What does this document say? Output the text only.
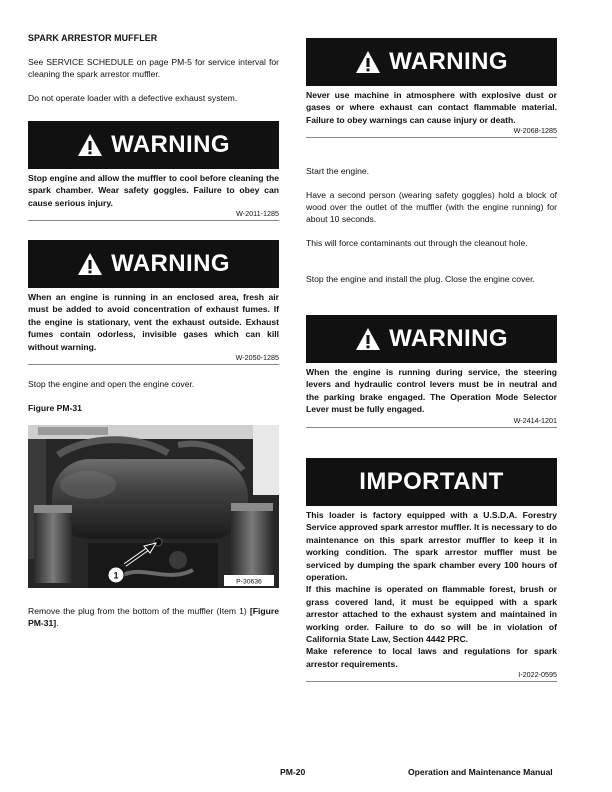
SPARK ARRESTOR MUFFLER

See SERVICE SCHEDULE on page PM-5 for service interval for cleaning the spark arrestor muffler.

Do not operate loader with a defective exhaust system.

WARNING

Stop engine and allow the muffler to cool before cleaning the spark chamber. Wear safety goggles. Failure to obey can cause serious injury.

W-2011-1285
WARNING

When an engine is running in an enclosed area, fresh air must be added to avoid concentration of exhaust fumes. If the engine is stationary, vent the exhaust outside. Exhaust fumes contain odorless, invisible gases which can kill without warning.

W-2050-1285

Stop the engine and open the engine cover.

Figure PM-31
1
P-30636

Remove the plug from the bottom of the muffler (Item 1) [Figure PM-31].

WARNING

Never use machine in atmosphere with explosive dust or gases or where exhaust can contact flammable material. Failure to obey warnings can cause injury or death.

W-2068-1285

Start the engine.

Have a second person (wearing safety goggles) hold a block of wood over the outlet of the muffler (with the engine running) for about 10 seconds.

This will force contaminants out through the cleanout hole.

Stop the engine and install the plug. Close the engine cover.

WARNING

When the engine is running during service, the steering levers and hydraulic control levers must be in neutral and the parking brake engaged. The Operation Mode Selector Lever must be fully engaged.

W-2414-1201
IMPORTANT

This loader is factory equipped with a U.S.D.A. Forestry Service approved spark arrestor muffler. It is necessary to do maintenance on this spark arrestor muffler to keep it in working condition. The spark arrestor muffler must be serviced by dumping the spark chamber every 100 hours of operation.

If this machine is operated on flammable forest, brush or grass covered land, it must be equipped with a spark arrestor attached to the exhaust system and maintained in working order. Failure to do so will be in violation of California State Law, Section 4442 PRC.

Make reference to local laws and regulations for spark arrestor requirements.

I-2022-0595
PM-20	Operation and Maintenance Manual
